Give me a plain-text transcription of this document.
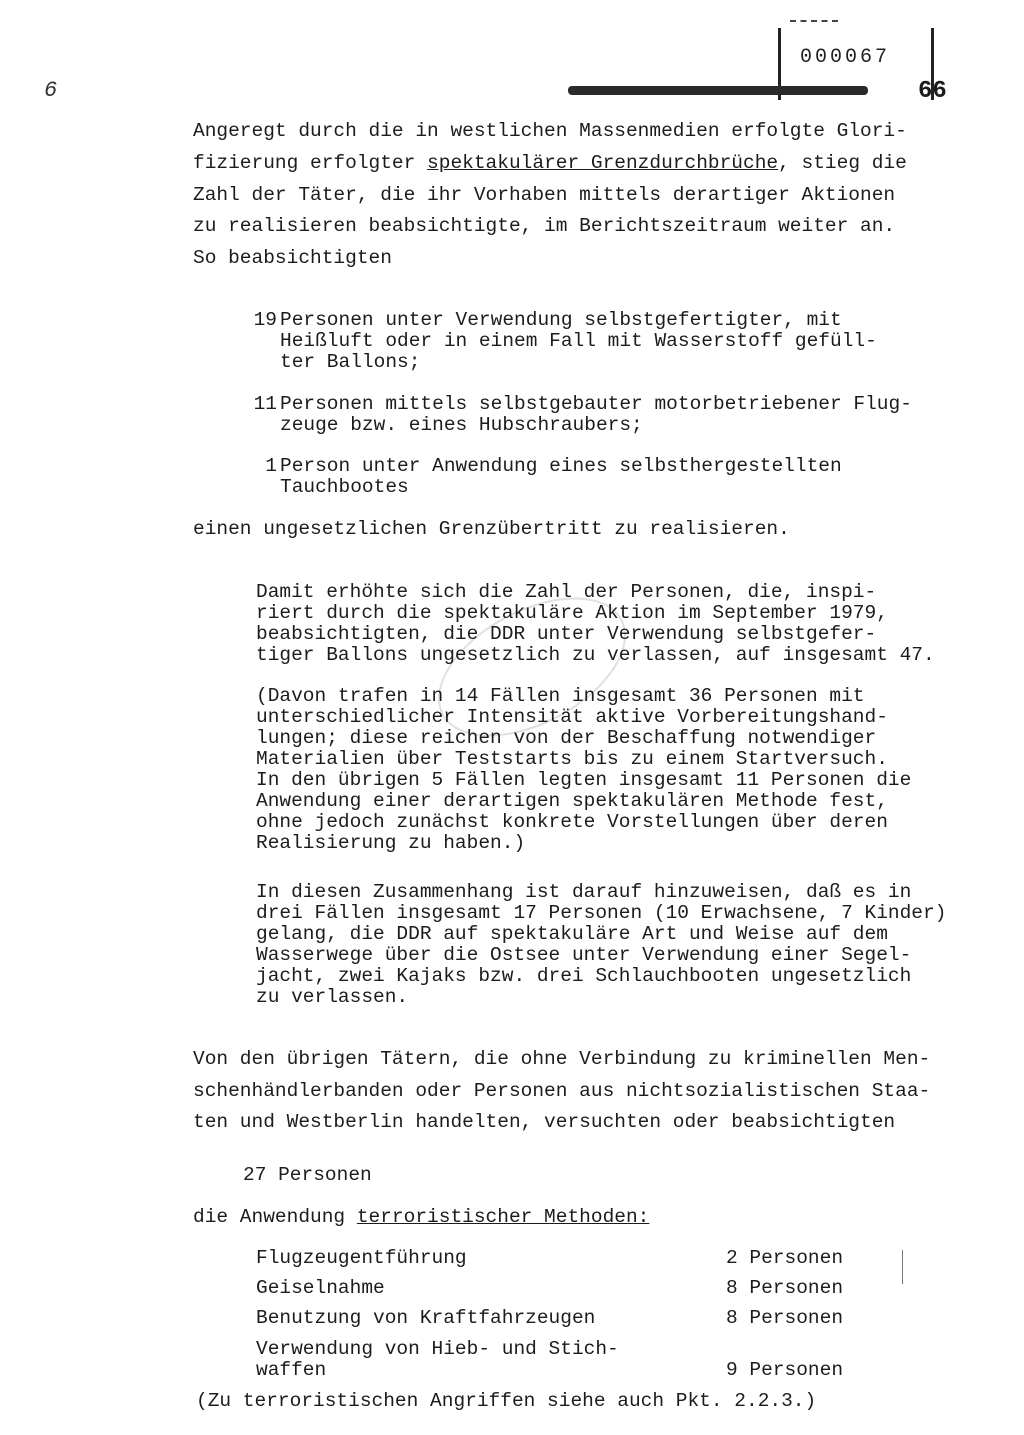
6
000067
66
Angeregt durch die in westlichen Massenmedien erfolgte Glori-
fizierung erfolgter spektakulärer Grenzdurchbrüche, stieg die
Zahl der Täter, die ihr Vorhaben mittels derartiger Aktionen
zu realisieren beabsichtigte, im Berichtszeitraum weiter an.
So beabsichtigten
19 Personen unter Verwendung selbstgefertigter, mit
Heißluft oder in einem Fall mit Wasserstoff gefüll-
ter Ballons;
11 Personen mittels selbstgebauter motorbetriebener Flug-
zeuge bzw. eines Hubschraubers;
1 Person unter Anwendung eines selbsthergestellten
Tauchbootes
einen ungesetzlichen Grenzübertritt zu realisieren.
Damit erhöhte sich die Zahl der Personen, die, inspi-
riert durch die spektakuläre Aktion im September 1979,
beabsichtigten, die DDR unter Verwendung selbstgefer-
tiger Ballons ungesetzlich zu verlassen, auf insgesamt 47.
(Davon trafen in 14 Fällen insgesamt 36 Personen mit
unterschiedlicher Intensität aktive Vorbereitungshand-
lungen; diese reichen von der Beschaffung notwendiger
Materialien über Teststarts bis zu einem Startversuch.
In den übrigen 5 Fällen legten insgesamt 11 Personen die
Anwendung einer derartigen spektakulären Methode fest,
ohne jedoch zunächst konkrete Vorstellungen über deren
Realisierung zu haben.)
In diesen Zusammenhang ist darauf hinzuweisen, daß es in
drei Fällen insgesamt 17 Personen (10 Erwachsene, 7 Kinder)
gelang, die DDR auf spektakuläre Art und Weise auf dem
Wasserwege über die Ostsee unter Verwendung einer Segel-
jacht, zwei Kajaks bzw. drei Schlauchbooten ungesetzlich
zu verlassen.
Von den übrigen Tätern, die ohne Verbindung zu kriminellen Men-
schenhändlerbanden oder Personen aus nichtsozialistischen Staa-
ten und Westberlin handelten, versuchten oder beabsichtigten
27 Personen
die Anwendung terroristischer Methoden:
Flugzeugentführung	2 Personen
Geiselnahme	8 Personen
Benutzung von Kraftfahrzeugen	8 Personen
Verwendung von Hieb- und Stich-
waffen	9 Personen
(Zu terroristischen Angriffen siehe auch Pkt. 2.2.3.)
